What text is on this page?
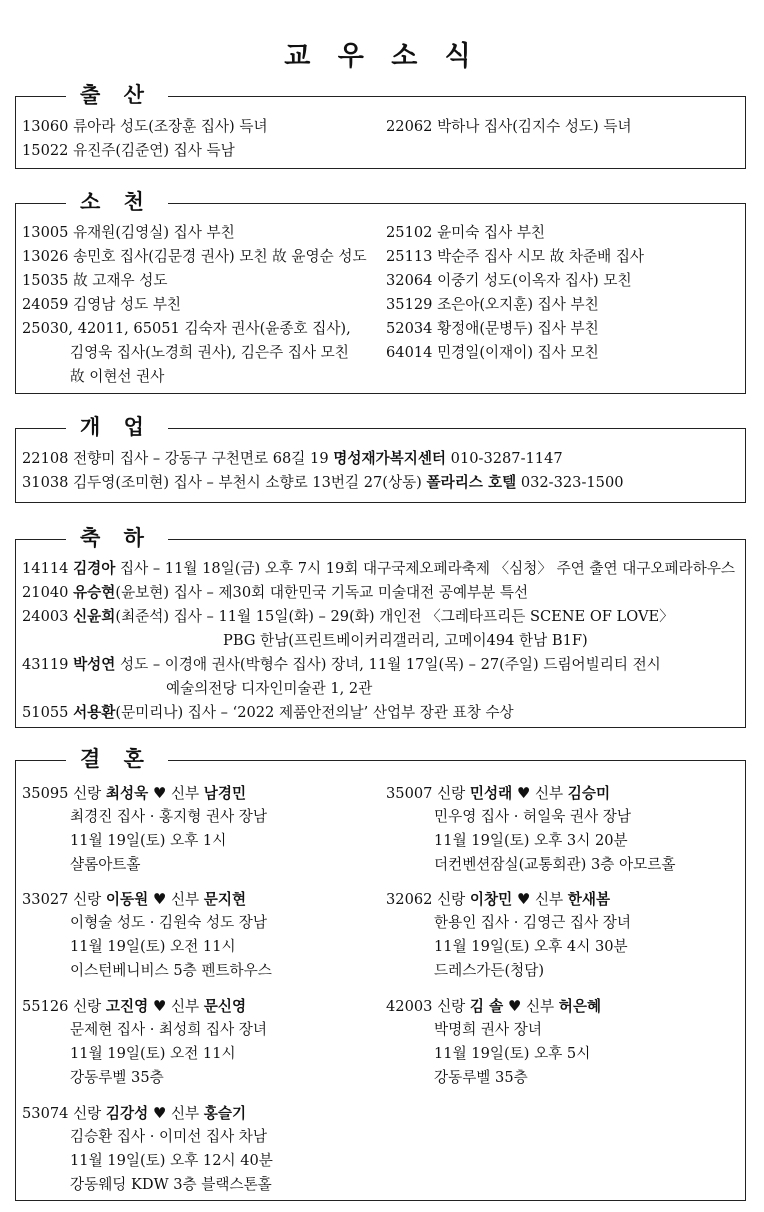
교 우 소 식
출 산
13060 류아라 성도(조장훈 집사) 득녀
15022 유진주(김준연) 집사 득남
22062 박하나 집사(김지수 성도) 득녀
소 천
13005 유재원(김영실) 집사 부친
13026 송민호 집사(김문경 권사) 모친 故 윤영순 성도
15035 故 고재우 성도
24059 김영남 성도 부친
25030, 42011, 65051 김숙자 권사(윤종호 집사),
김영욱 집사(노경희 권사), 김은주 집사 모친
故 이현선 권사
25102 윤미숙 집사 부친
25113 박순주 집사 시모 故 차준배 집사
32064 이중기 성도(이옥자 집사) 모친
35129 조은아(오지훈) 집사 부친
52034 황정애(문병두) 집사 부친
64014 민경일(이재이) 집사 모친
개 업
22108 전향미 집사 – 강동구 구천면로 68길 19 명성재가복지센터 010-3287-1147
31038 김두영(조미현) 집사 – 부천시 소향로 13번길 27(상동) 폴라리스 호텔 032-323-1500
축 하
14114 김경아 집사 – 11월 18일(금) 오후 7시 19회 대구국제오페라축제 〈심청〉 주연 출연 대구오페라하우스
21040 유승현(윤보현) 집사 – 제30회 대한민국 기독교 미술대전 공예부분 특선
24003 신윤희(최준석) 집사 – 11월 15일(화) – 29(화) 개인전 〈그레타프리든 SCENE OF LOVE〉
PBG 한남(프린트베이커리갤러리, 고메이494 한남 B1F)
43119 박성연 성도 – 이경애 권사(박형수 집사) 장녀, 11월 17일(목) – 27(주일) 드림어빌리티 전시
예술의전당 디자인미술관 1, 2관
51055 서용환(문미리나) 집사 – ‘2022 제품안전의날’ 산업부 장관 표창 수상
결 혼
35095 신랑 최성욱 ♥ 신부 남경민
최경진 집사 · 홍지형 권사 장남
11월 19일(토) 오후 1시
샬롬아트홀
35007 신랑 민성래 ♥ 신부 김승미
민우영 집사 · 허일욱 권사 장남
11월 19일(토) 오후 3시 20분
더컨벤션잠실(교통회관) 3층 아모르홀
33027 신랑 이동원 ♥ 신부 문지현
이형술 성도 · 김원숙 성도 장남
11월 19일(토) 오전 11시
이스턴베니비스 5층 펜트하우스
32062 신랑 이창민 ♥ 신부 한새봄
한용인 집사 · 김영근 집사 장녀
11월 19일(토) 오후 4시 30분
드레스가든(청담)
55126 신랑 고진영 ♥ 신부 문신영
문제현 집사 · 최성희 집사 장녀
11월 19일(토) 오전 11시
강동루벨 35층
42003 신랑 김 솔 ♥ 신부 허은혜
박명희 권사 장녀
11월 19일(토) 오후 5시
강동루벨 35층
53074 신랑 김강성 ♥ 신부 홍슬기
김승환 집사 · 이미선 집사 차남
11월 19일(토) 오후 12시 40분
강동웨딩 KDW 3층 블랙스톤홀
